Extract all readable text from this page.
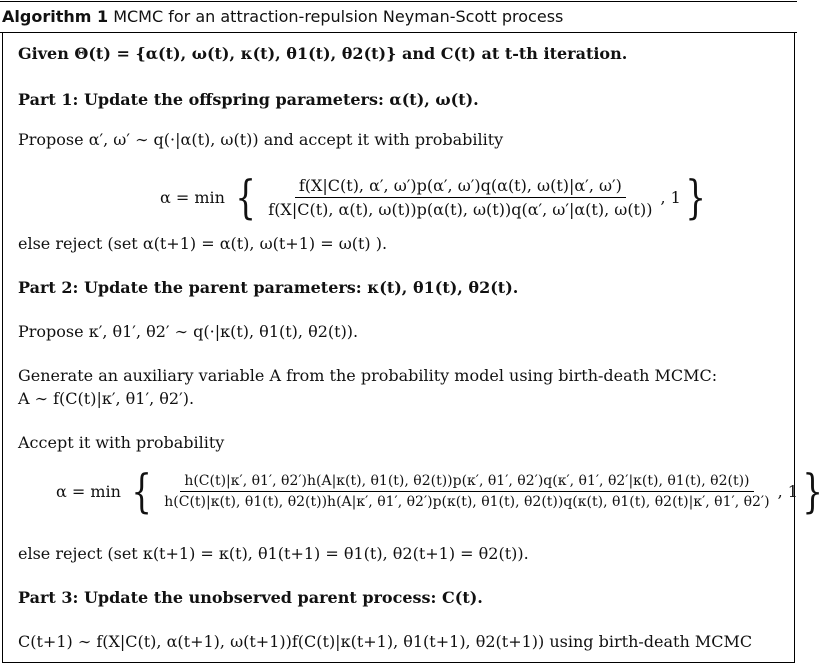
Algorithm 1 MCMC for an attraction-repulsion Neyman-Scott process
Given Θ(t) = {α(t), ω(t), κ(t), θ1(t), θ2(t)} and C(t) at t-th iteration.
Part 1: Update the offspring parameters: α(t), ω(t).
Propose α′, ω′ ∼ q(·|α(t), ω(t)) and accept it with probability
α = min { $\frac{f(X|C(t), \alpha', \omega')p(\alpha', \omega')q(\alpha(t), \omega(t)|\alpha', \omega')}{f(X|C(t), \alpha(t), \omega(t))p(\alpha(t), \omega(t))q(\alpha', \omega'|\alpha(t), \omega(t))}$ , 1 }
else reject (set α(t+1) = α(t), ω(t+1) = ω(t) ).
Part 2: Update the parent parameters: κ(t), θ1(t), θ2(t).
Propose κ′, θ1′, θ2′ ∼ q(·|κ(t), θ1(t), θ2(t)).
Generate an auxiliary variable A from the probability model using birth-death MCMC:
A ∼ f(C(t)|κ′, θ1′, θ2′).
Accept it with probability
α = min { h(C(t)|κ′, θ1′, θ2′)h(A|κ(t), θ1(t), θ2(t))p(κ′, θ1′, θ2′)q(κ′, θ1′, θ2′|κ(t), θ1(t), θ2(t))
h(C(t)|κ(t), θ1(t), θ2(t))h(A|κ′, θ1′, θ2′)p(κ(t), θ1(t), θ2(t))q(κ(t), θ1(t), θ2(t)|κ′, θ1′, θ2′)
, 1 }
else reject (set κ(t+1) = κ(t), θ1(t+1) = θ1(t), θ2(t+1) = θ2(t)).
Part 3: Update the unobserved parent process: C(t).
C(t+1) ∼ f(X|C(t), α(t+1), ω(t+1))f(C(t)|κ(t+1), θ1(t+1), θ2(t+1)) using birth-death MCMC
